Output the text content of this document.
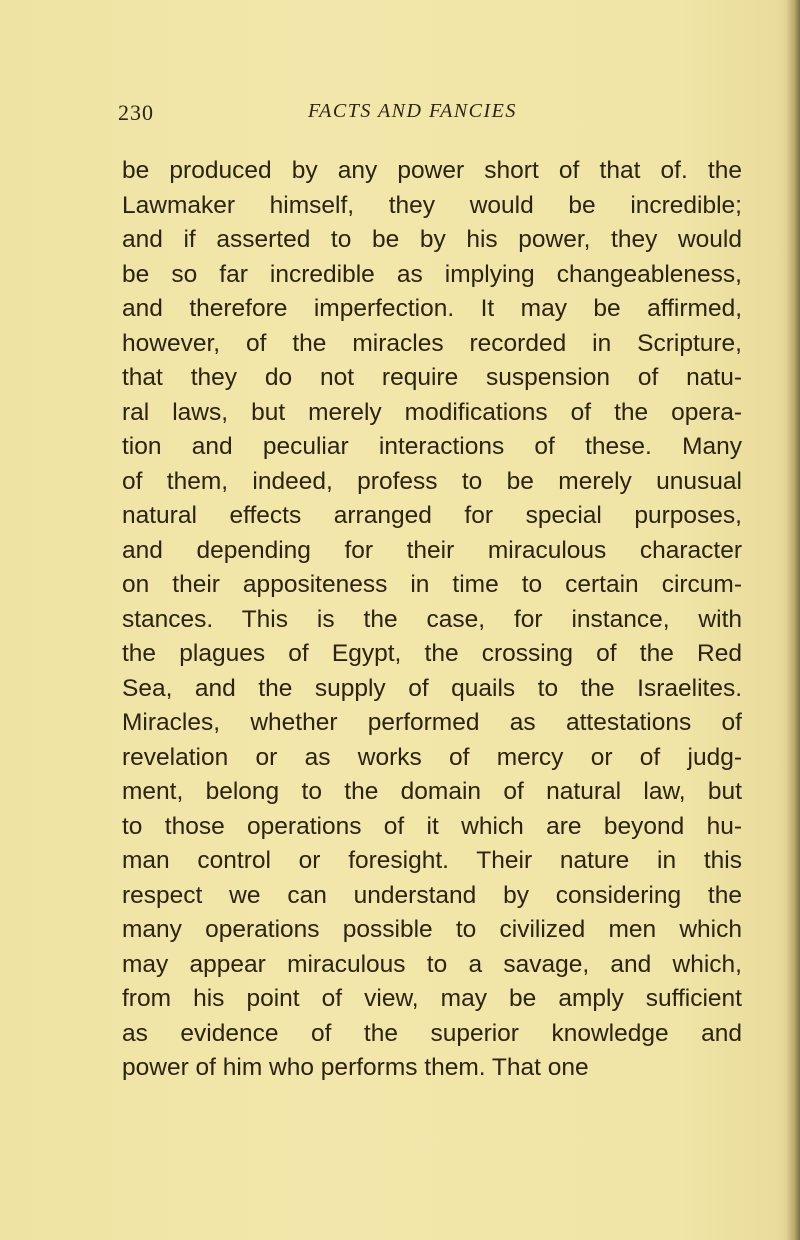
230	FACTS AND FANCIES
be produced by any power short of that of. the
Lawmaker himself, they would be incredible;
and if asserted to be by his power, they would
be so far incredible as implying changeableness,
and therefore imperfection. It may be affirmed,
however, of the miracles recorded in Scripture,
that they do not require suspension of natu-
ral laws, but merely modifications of the opera-
tion and peculiar interactions of these. Many
of them, indeed, profess to be merely unusual
natural effects arranged for special purposes,
and depending for their miraculous character
on their appositeness in time to certain circum-
stances. This is the case, for instance, with
the plagues of Egypt, the crossing of the Red
Sea, and the supply of quails to the Israelites.
Miracles, whether performed as attestations of
revelation or as works of mercy or of judg-
ment, belong to the domain of natural law, but
to those operations of it which are beyond hu-
man control or foresight. Their nature in this
respect we can understand by considering the
many operations possible to civilized men which
may appear miraculous to a savage, and which,
from his point of view, may be amply sufficient
as evidence of the superior knowledge and
power of him who performs them. That one
